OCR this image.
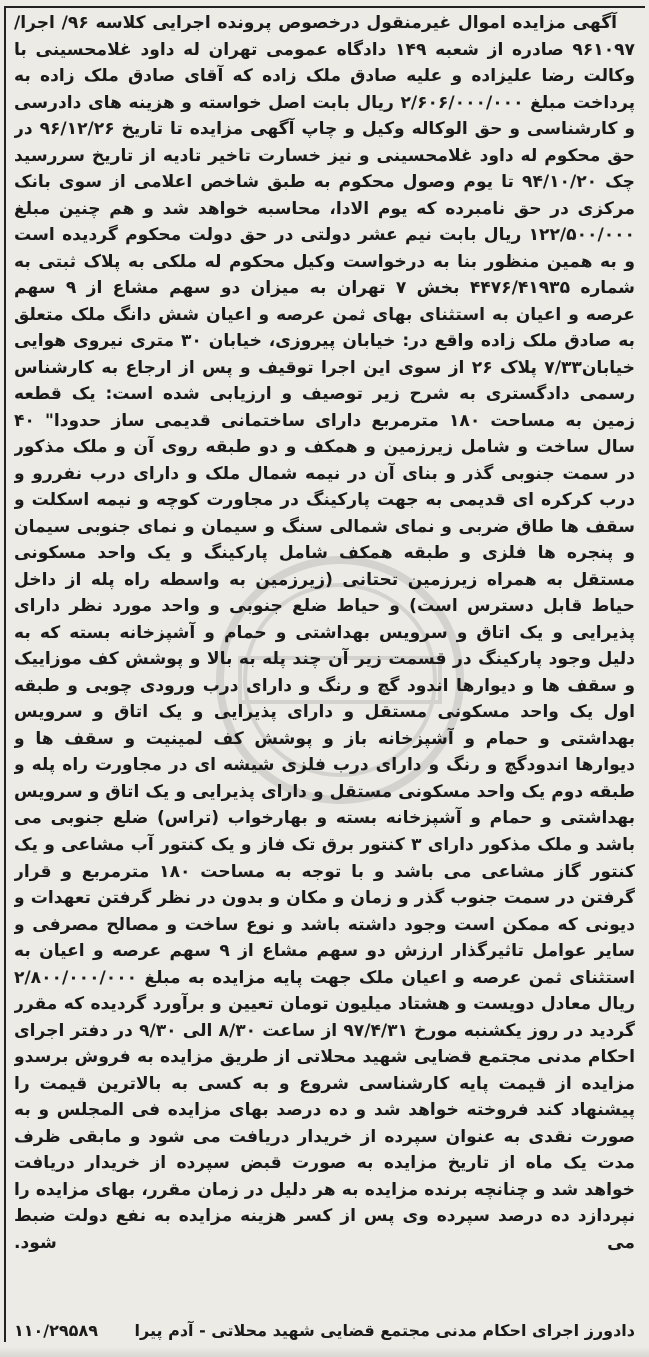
آگهی مزایده اموال غیرمنقول درخصوص پرونده اجرایی کلاسه ۹۶/ اجرا/۹۶۱۰۹۷ صادره از شعبه ۱۴۹ دادگاه عمومی تهران له داود غلامحسینی با وکالت رضا علیزاده و علیه صادق ملک زاده که آقای صادق ملک زاده به پرداخت مبلغ ۲/۶۰۶/۰۰۰/۰۰۰ ریال بابت اصل خواسته و هزینه های دادرسی و کارشناسی و حق الوکاله وکیل و چاپ آگهی مزایده تا تاریخ ۹۶/۱۲/۲۶ در حق محکوم له داود غلامحسینی و نیز خسارت تاخیر تادیه از تاریخ سررسید چک ۹۴/۱۰/۲۰ تا یوم وصول محکوم به طبق شاخص اعلامی از سوی بانک مرکزی در حق نامبرده که یوم الادا، محاسبه خواهد شد و هم چنین مبلغ ۱۲۲/۵۰۰/۰۰۰ ریال بابت نیم عشر دولتی در حق دولت محکوم گردیده است و به همین منظور بنا به درخواست وکیل محکوم له ملکی به پلاک ثبتی به شماره ۴۴۷۶/۴۱۹۳۵ بخش ۷ تهران به میزان دو سهم مشاع از ۹ سهم عرصه و اعیان به استثنای بهای ثمن عرصه و اعیان شش دانگ ملک متعلق به صادق ملک زاده واقع در: خیابان پیروزی، خیابان ۳۰ متری نیروی هوایی خیابان۷/۳۳ پلاک ۲۶ از سوی این اجرا توقیف و پس از ارجاع به کارشناس رسمی دادگستری به شرح زیر توصیف و ارزیابی شده است: یک قطعه زمین به مساحت ۱۸۰ مترمربع دارای ساختمانی قدیمی ساز حدودا" ۴۰ سال ساخت و شامل زیرزمین و همکف و دو طبقه روی آن و ملک مذکور در سمت جنوبی گذر و بنای آن در نیمه شمال ملک و دارای درب نفررو و درب کرکره ای قدیمی به جهت پارکینگ در مجاورت کوچه و نیمه اسکلت و سقف ها طاق ضربی و نمای شمالی سنگ و سیمان و نمای جنوبی سیمان و پنجره ها فلزی و طبقه همکف شامل پارکینگ و یک واحد مسکونی مستقل به همراه زیرزمین تحتانی (زیرزمین به واسطه راه پله از داخل حیاط قابل دسترس است) و حیاط ضلع جنوبی و واحد مورد نظر دارای پذیرایی و یک اتاق و سرویس بهداشتی و حمام و آشپزخانه بسته که به دلیل وجود پارکینگ در قسمت زیر آن چند پله به بالا و پوشش کف موزاییک و سقف ها و دیوارها اندود گچ و رنگ و دارای درب ورودی چوبی و طبقه اول یک واحد مسکونی مستقل و دارای پذیرایی و یک اتاق و سرویس بهداشتی و حمام و آشپزخانه باز و پوشش کف لمینیت و سقف ها و دیوارها اندودگچ و رنگ و دارای درب فلزی شیشه ای در مجاورت راه پله و طبقه دوم یک واحد مسکونی مستقل و دارای پذیرایی و یک اتاق و سرویس بهداشتی و حمام و آشپزخانه بسته و بهارخواب (تراس) ضلع جنوبی می باشد و ملک مذکور دارای ۳ کنتور برق تک فاز و یک کنتور آب مشاعی و یک کنتور گاز مشاعی می باشد و با توجه به مساحت ۱۸۰ مترمربع و قرار گرفتن در سمت جنوب گذر و زمان و مکان و بدون در نظر گرفتن تعهدات و دیونی که ممکن است وجود داشته باشد و نوع ساخت و مصالح مصرفی و سایر عوامل تاثیرگذار ارزش دو سهم مشاع از ۹ سهم عرصه و اعیان به استثنای ثمن عرصه و اعیان ملک جهت پایه مزایده به مبلغ ۲/۸۰۰/۰۰۰/۰۰۰ ریال معادل دویست و هشتاد میلیون تومان تعیین و برآورد گردیده که مقرر گردید در روز یکشنبه مورخ ۹۷/۴/۳۱ از ساعت ۸/۳۰ الی ۹/۳۰ در دفتر اجرای احکام مدنی مجتمع قضایی شهید محلاتی از طریق مزایده به فروش برسدو مزایده از قیمت پایه کارشناسی شروع و به کسی به بالاترین قیمت را پیشنهاد کند فروخته خواهد شد و ده درصد بهای مزایده فی المجلس و به صورت نقدی به عنوان سپرده از خریدار دریافت می شود و مابقی ظرف مدت یک ماه از تاریخ مزایده به صورت قبض سپرده از خریدار دریافت خواهد شد و چنانچه برنده مزایده به هر دلیل در زمان مقرر، بهای مزایده را نپردازد ده درصد سپرده وی پس از کسر هزینه مزایده به نفع دولت ضبط می شود.
دادورز اجرای احکام مدنی مجتمع قضایی شهید محلاتی - آدم پیرا
۱۱۰/۲۹۵۸۹
